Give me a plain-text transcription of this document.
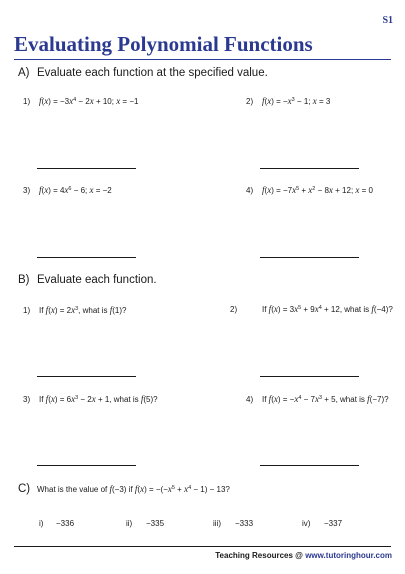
S1
Evaluating Polynomial Functions
A) Evaluate each function at the specified value.
1) $f(x) = -3x^4 - 2x + 10$; x = −1	2) $f(x) = -x^3 - 1$; x = 3
3) $f(x) = 4x^6 - 6$; x = −2	4) $f(x) = -7x^5 + x^2 - 8x + 12$; x = 0
B) Evaluate each function.
1) If $f(x) = 2x^3$, what is f(1)?	2)	If $f(x) = 3x^5 + 9x^4 + 12$, what is f(−4)?
3) If $f(x) = 6x^3 - 2x + 1$, what is f(5)?	4) If $f(x) = -x^4 - 7x^3 + 5$, what is f(−7)?
C) What is the value of f(−3) if $f(x) = -(-x^5 + x^4 - 1) - 13$?
i) −336	ii) −335	iii) −333	iv) −337
Teaching Resources @ www.tutoringhour.com
